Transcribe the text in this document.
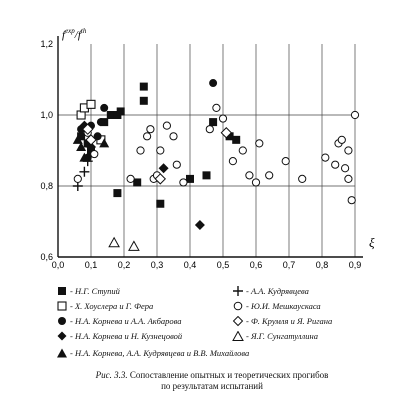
0,0 0,1 0,2 0,3 0,4 0,5 0,6 0,7 0,8 0,9
0,6
0,8
1,0
1,2
$f^{exp}/f^{th}$
ξ
- Н.Г. Ступий	- А.А. Кудрявцева
- Х. Хоуслера и Г. Фера	- Ю.И. Мешкаускаса
- Н.А. Корнева и А.А. Акбарова	- Ф. Крумля и Я. Ригана
- Н.А. Корнева и Н. Кузнецовой	- Я.Г. Сунгатуллина
- Н.А. Корнева, А.А. Кудрявцева и В.В. Михайлова
Рис. 3.3. Сопоставление опытных и теоретических прогибов
по результатам испытаний
